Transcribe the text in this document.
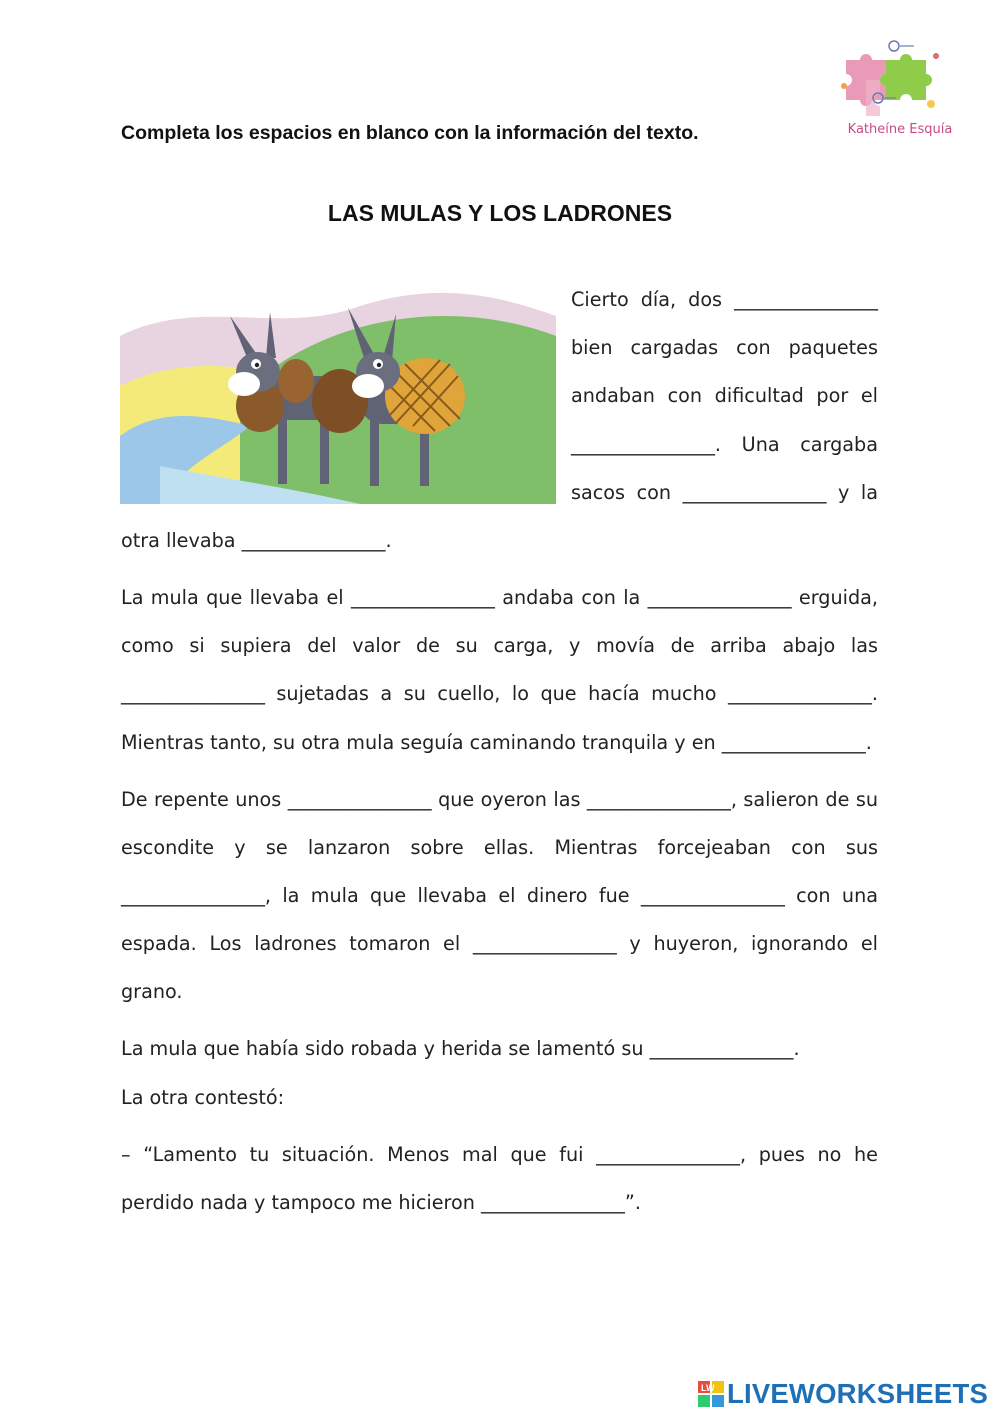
Katheíne Esquía
Completa los espacios en blanco con la información del texto.
LAS MULAS Y LOS LADRONES

Cierto día, dos _______________ bien cargadas con paquetes andaban con dificultad por el _______________. Una cargaba sacos con _______________ y la otra llevaba _______________.

La mula que llevaba el _______________ andaba con la _______________ erguida, como si supiera del valor de su carga, y movía de arriba abajo las _______________ sujetadas a su cuello, lo que hacía mucho _______________. Mientras tanto, su otra mula seguía caminando tranquila y en _______________.

De repente unos _______________ que oyeron las _______________, salieron de su escondite y se lanzaron sobre ellas. Mientras forcejeaban con sus _______________, la mula que llevaba el dinero fue _______________ con una espada. Los ladrones tomaron el _______________ y huyeron, ignorando el grano.

La mula que había sido robada y herida se lamentó su _______________.

La otra contestó:

– “Lamento tu situación. Menos mal que fui _______________, pues no he perdido nada y tampoco me hicieron _______________”.

LW LIVEWORKSHEETS
